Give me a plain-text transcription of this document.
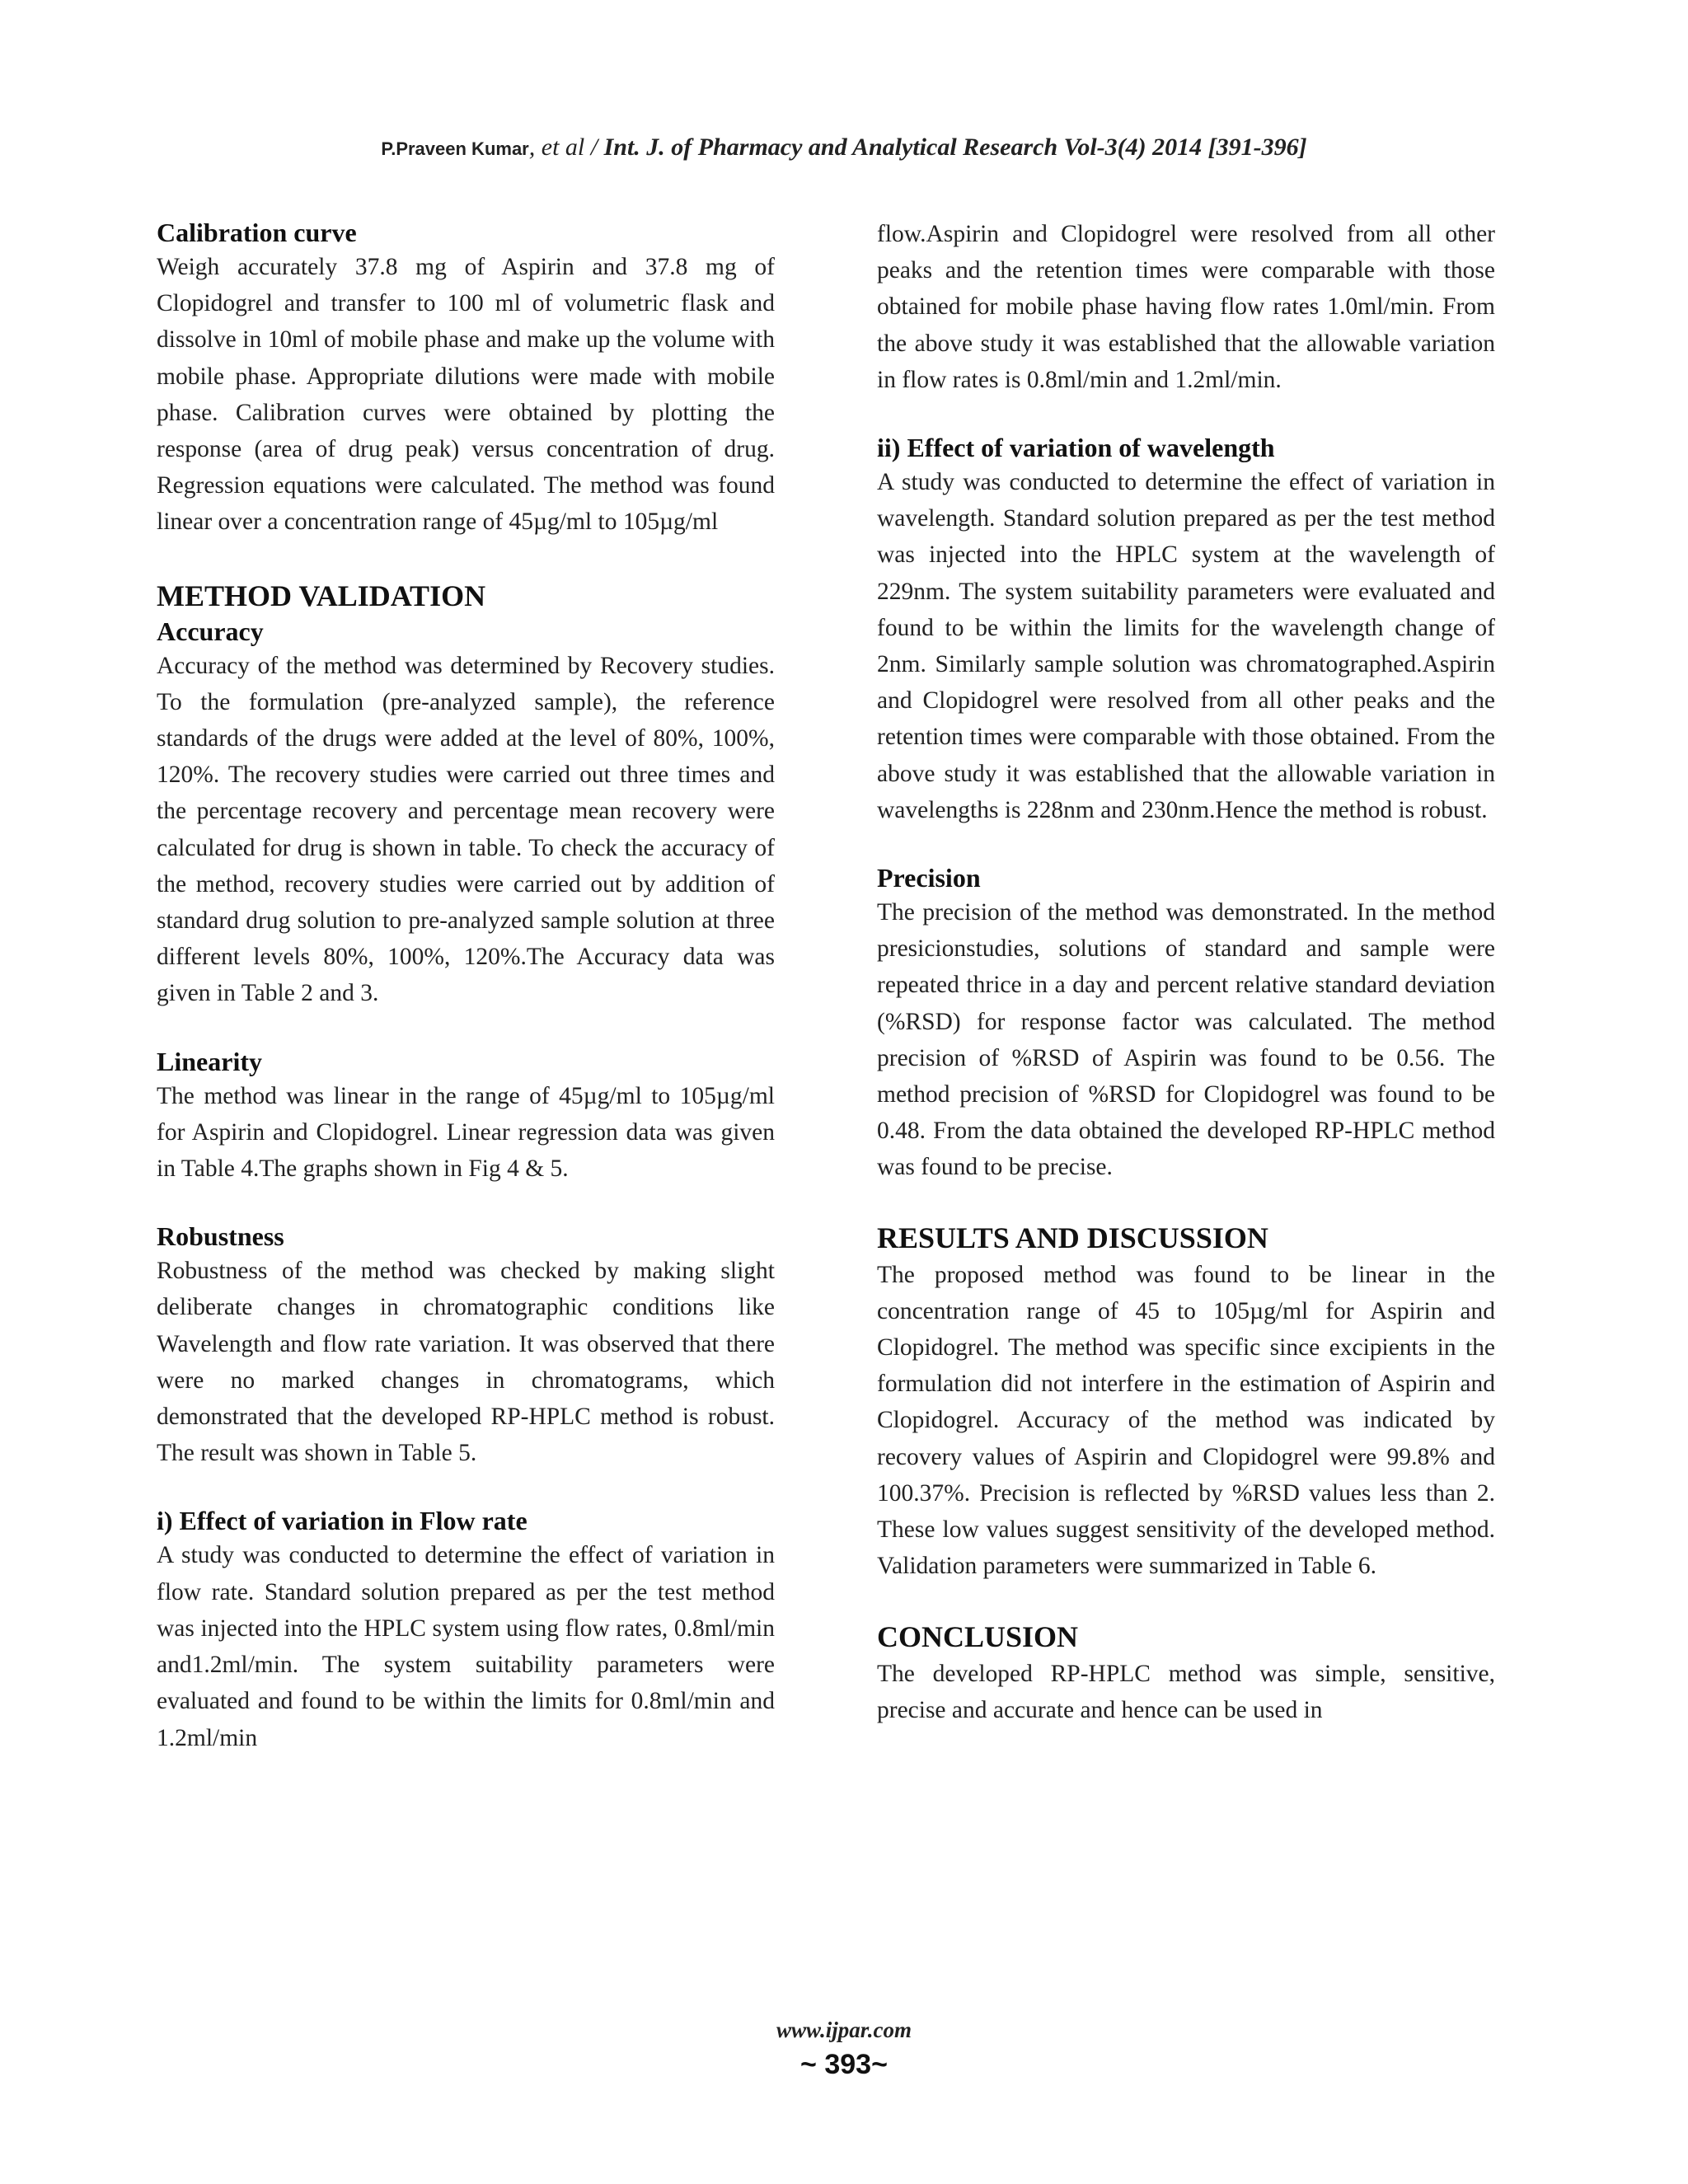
P.Praveen Kumar, et al / Int. J. of Pharmacy and Analytical Research Vol-3(4) 2014 [391-396]
Calibration curve

Weigh accurately 37.8 mg of Aspirin and 37.8 mg of Clopidogrel and transfer to 100 ml of volumetric flask and dissolve in 10ml of mobile phase and make up the volume with mobile phase. Appropriate dilutions were made with mobile phase. Calibration curves were obtained by plotting the response (area of drug peak) versus concentration of drug. Regression equations were calculated. The method was found linear over a concentration range of 45µg/ml to 105µg/ml

METHOD VALIDATION
Accuracy

Accuracy of the method was determined by Recovery studies. To the formulation (pre-analyzed sample), the reference standards of the drugs were added at the level of 80%, 100%, 120%. The recovery studies were carried out three times and the percentage recovery and percentage mean recovery were calculated for drug is shown in table. To check the accuracy of the method, recovery studies were carried out by addition of standard drug solution to pre-analyzed sample solution at three different levels 80%, 100%, 120%.The Accuracy data was given in Table 2 and 3.

Linearity

The method was linear in the range of 45µg/ml to 105µg/ml for Aspirin and Clopidogrel. Linear regression data was given in Table 4.The graphs shown in Fig 4 & 5.

Robustness

Robustness of the method was checked by making slight deliberate changes in chromatographic conditions like Wavelength and flow rate variation. It was observed that there were no marked changes in chromatograms, which demonstrated that the developed RP-HPLC method is robust. The result was shown in Table 5.

i) Effect of variation in Flow rate

A study was conducted to determine the effect of variation in flow rate. Standard solution prepared as per the test method was injected into the HPLC system using flow rates, 0.8ml/min and1.2ml/min. The system suitability parameters were evaluated and found to be within the limits for 0.8ml/min and 1.2ml/min

flow.Aspirin and Clopidogrel were resolved from all other peaks and the retention times were comparable with those obtained for mobile phase having flow rates 1.0ml/min. From the above study it was established that the allowable variation in flow rates is 0.8ml/min and 1.2ml/min.

ii) Effect of variation of wavelength

A study was conducted to determine the effect of variation in wavelength. Standard solution prepared as per the test method was injected into the HPLC system at the wavelength of 229nm. The system suitability parameters were evaluated and found to be within the limits for the wavelength change of 2nm. Similarly sample solution was chromatographed.Aspirin and Clopidogrel were resolved from all other peaks and the retention times were comparable with those obtained. From the above study it was established that the allowable variation in wavelengths is 228nm and 230nm.Hence the method is robust.

Precision

The precision of the method was demonstrated. In the method presicionstudies, solutions of standard and sample were repeated thrice in a day and percent relative standard deviation (%RSD) for response factor was calculated. The method precision of %RSD of Aspirin was found to be 0.56. The method precision of %RSD for Clopidogrel was found to be 0.48. From the data obtained the developed RP-HPLC method was found to be precise.

RESULTS AND DISCUSSION

The proposed method was found to be linear in the concentration range of 45 to 105µg/ml for Aspirin and Clopidogrel. The method was specific since excipients in the formulation did not interfere in the estimation of Aspirin and Clopidogrel. Accuracy of the method was indicated by recovery values of Aspirin and Clopidogrel were 99.8% and 100.37%. Precision is reflected by %RSD values less than 2. These low values suggest sensitivity of the developed method. Validation parameters were summarized in Table 6.

CONCLUSION

The developed RP-HPLC method was simple, sensitive, precise and accurate and hence can be used in

www.ijpar.com
~ 393~
